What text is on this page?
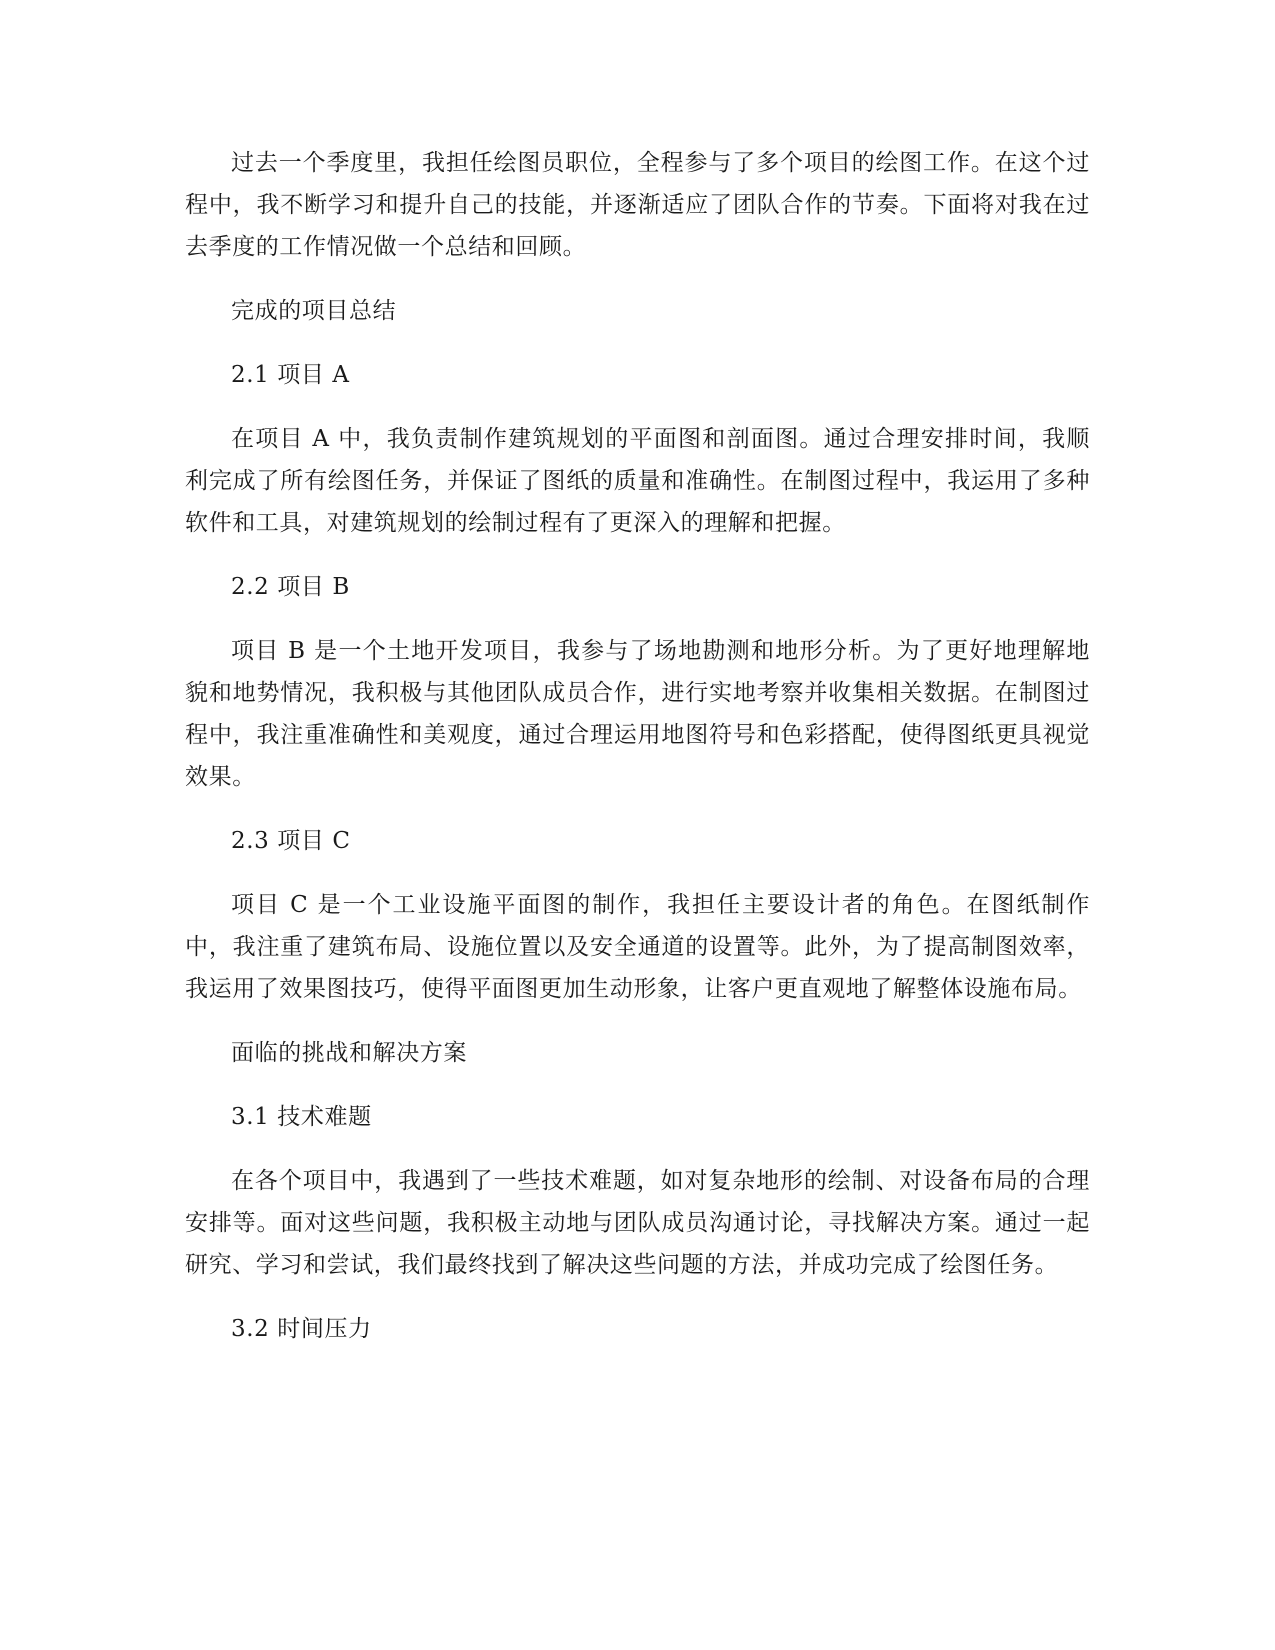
过去一个季度里，我担任绘图员职位，全程参与了多个项目的绘图工作。在这个过程中，我不断学习和提升自己的技能，并逐渐适应了团队合作的节奏。下面将对我在过去季度的工作情况做一个总结和回顾。

完成的项目总结

2.1 项目 A

在项目 A 中，我负责制作建筑规划的平面图和剖面图。通过合理安排时间，我顺利完成了所有绘图任务，并保证了图纸的质量和准确性。在制图过程中，我运用了多种软件和工具，对建筑规划的绘制过程有了更深入的理解和把握。

2.2 项目 B

项目 B 是一个土地开发项目，我参与了场地勘测和地形分析。为了更好地理解地貌和地势情况，我积极与其他团队成员合作，进行实地考察并收集相关数据。在制图过程中，我注重准确性和美观度，通过合理运用地图符号和色彩搭配，使得图纸更具视觉效果。

2.3 项目 C

项目 C 是一个工业设施平面图的制作，我担任主要设计者的角色。在图纸制作中，我注重了建筑布局、设施位置以及安全通道的设置等。此外，为了提高制图效率，我运用了效果图技巧，使得平面图更加生动形象，让客户更直观地了解整体设施布局。

面临的挑战和解决方案

3.1 技术难题

在各个项目中，我遇到了一些技术难题，如对复杂地形的绘制、对设备布局的合理安排等。面对这些问题，我积极主动地与团队成员沟通讨论，寻找解决方案。通过一起研究、学习和尝试，我们最终找到了解决这些问题的方法，并成功完成了绘图任务。

3.2 时间压力
